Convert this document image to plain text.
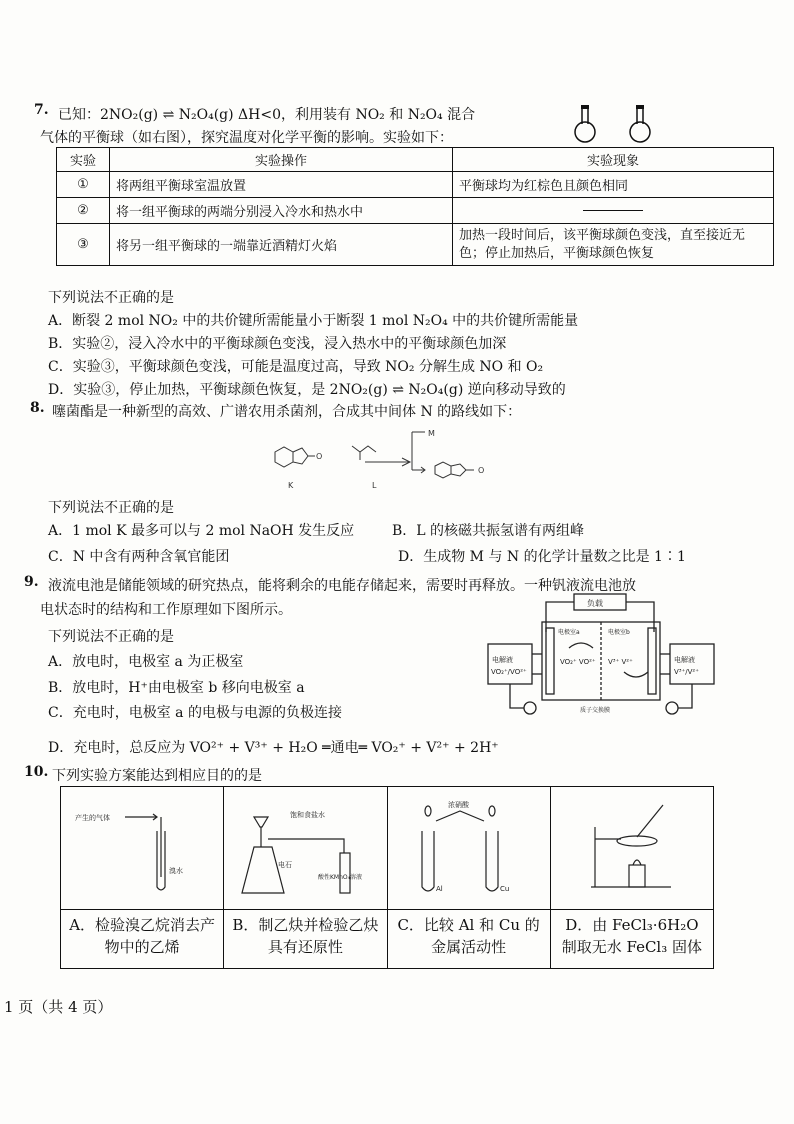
7. 已知：2NO₂(g) ⇌ N₂O₄(g) ΔH<0，利用装有 NO₂ 和 N₂O₄ 混合
气体的平衡球（如右图），探究温度对化学平衡的影响。实验如下：
实验	实验操作	实验现象
①	将两组平衡球室温放置	平衡球均为红棕色且颜色相同
②	将一组平衡球的两端分别浸入冷水和热水中	
③	将另一组平衡球的一端靠近酒精灯火焰	加热一段时间后，该平衡球颜色变浅，直至接近无色；停止加热后，平衡球颜色恢复
下列说法不正确的是
A．断裂 2 mol NO₂ 中的共价键所需能量小于断裂 1 mol N₂O₄ 中的共价键所需能量
B．实验②，浸入冷水中的平衡球颜色变浅，浸入热水中的平衡球颜色加深
C．实验③，平衡球颜色变浅，可能是温度过高，导致 NO₂ 分解生成 NO 和 O₂
D．实验③，停止加热，平衡球颜色恢复，是 2NO₂(g) ⇌ N₂O₄(g) 逆向移动导致的
8. 噻菌酯是一种新型的高效、广谱农用杀菌剂，合成其中间体 N 的路线如下：
M
O
O
K	L
下列说法不正确的是
A．1 mol K 最多可以与 2 mol NaOH 发生反应	B．L 的核磁共振氢谱有两组峰
C．N 中含有两种含氧官能团	D．生成物 M 与 N 的化学计量数之比是 1∶1
9. 液流电池是储能领域的研究热点，能将剩余的电能存储起来，需要时再释放。一种钒液流电池放
电状态时的结构和工作原理如下图所示。
下列说法不正确的是
A．放电时，电极室 a 为正极室
B．放电时，H⁺由电极室 b 移向电极室 a
C．充电时，电极室 a 的电极与电源的负极连接
D．充电时，总反应为 VO²⁺ + V³⁺ + H₂O ═通电═ VO₂⁺ + V²⁺ + 2H⁺
负载
电解液
VO₂⁺/VO²⁺
电解液
V³⁺/V²⁺
电极室a	电极室b
VO₂⁺ VO²⁺ V³⁺ V²⁺
质子交换膜
10. 下列实验方案能达到相应目的的是
产生的气体
溴水	饱和食盐水
电石
酸性KMnO₄溶液	浓硝酸
Al Cu

A．检验溴乙烷消去产物中的乙烯	B．制乙炔并检验乙炔具有还原性	C．比较 Al 和 Cu 的金属活动性	D．由 FeCl₃·6H₂O 制取无水 FeCl₃ 固体
1 页（共 4 页）
